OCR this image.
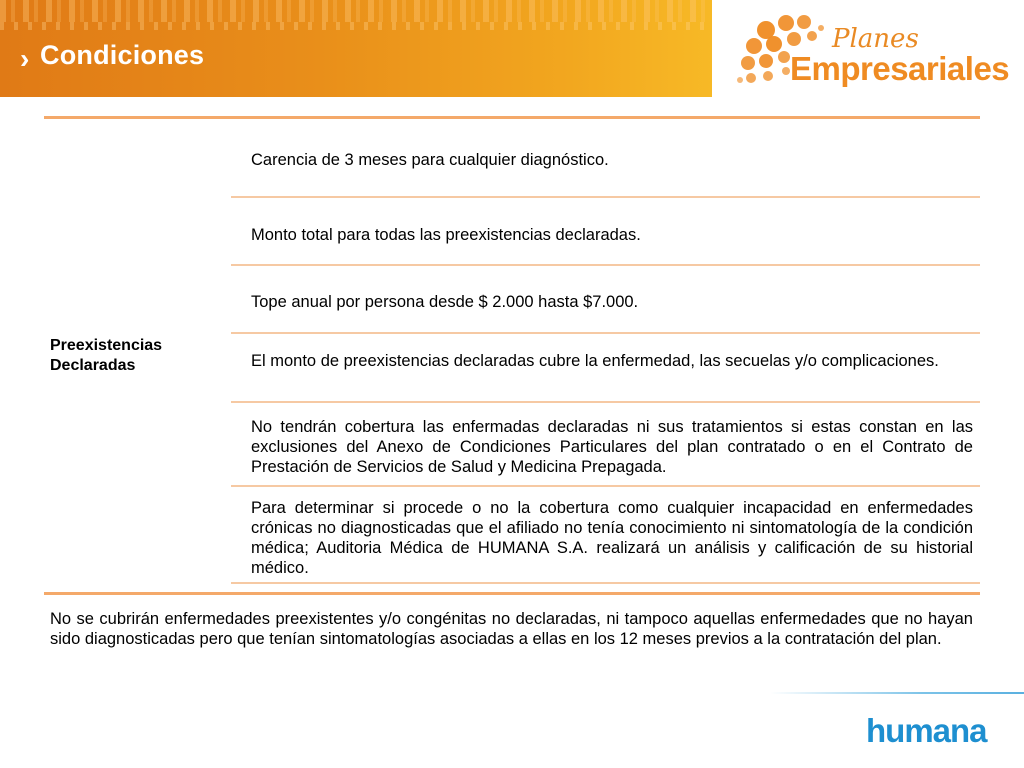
› Condiciones
Planes
Empresariales
Preexistencias Declaradas
Carencia de 3 meses para cualquier diagnóstico.
Monto total para todas las preexistencias declaradas.
Tope anual por persona desde $ 2.000 hasta $7.000.
El monto de preexistencias declaradas cubre la enfermedad, las secuelas y/o complicaciones.
No tendrán cobertura las enfermadas declaradas ni sus tratamientos si estas constan en las exclusiones del Anexo de Condiciones Particulares del plan contratado o en el Contrato de Prestación de Servicios de Salud y Medicina Prepagada.
Para determinar si procede o no la cobertura como cualquier incapacidad en enfermedades crónicas no diagnosticadas que el afiliado no tenía conocimiento ni sintomatología de la condición médica; Auditoria Médica de HUMANA S.A. realizará un análisis y calificación de su historial médico.
No se cubrirán enfermedades preexistentes y/o congénitas no declaradas, ni tampoco aquellas enfermedades que no hayan sido diagnosticadas pero que tenían sintomatologías asociadas a ellas en los 12 meses previos a la contratación del plan.
humana
